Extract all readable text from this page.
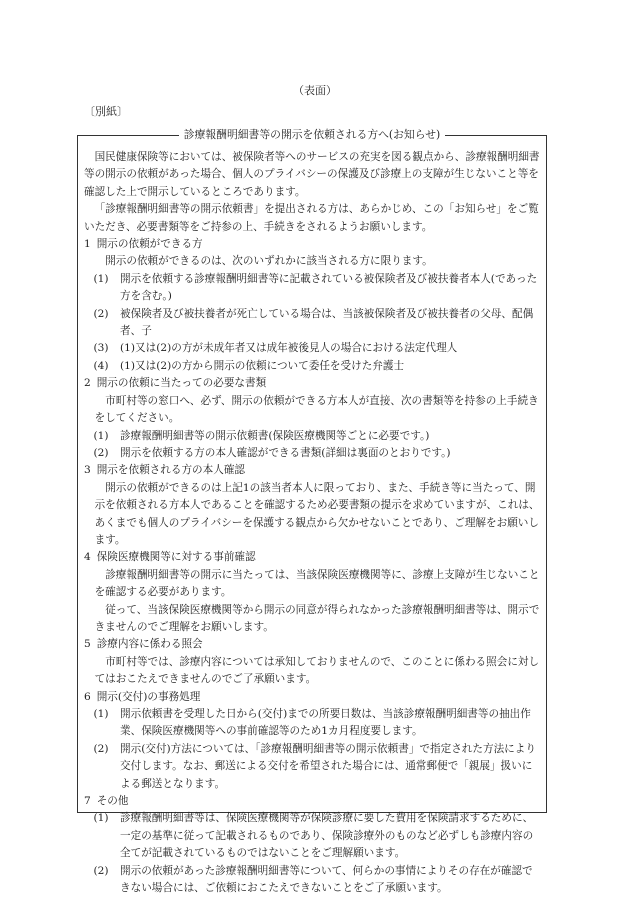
（表面）
〔別紙〕
診療報酬明細書等の開示を依頼される方へ(お知らせ)

国民健康保険等においては、被保険者等へのサービスの充実を図る観点から、診療報酬明細書等の開示の依頼があった場合、個人のプライバシーの保護及び診療上の支障が生じないこと等を確認した上で開示しているところであります。

「診療報酬明細書等の開示依頼書」を提出される方は、あらかじめ、この「お知らせ」をご覧いただき、必要書類等をご持参の上、手続きをされるようお願いします。

1 開示の依頼ができる方

開示の依頼ができるのは、次のいずれかに該当される方に限ります。

(1) 開示を依頼する診療報酬明細書等に記載されている被保険者及び被扶養者本人(であった方を含む。)

(2) 被保険者及び被扶養者が死亡している場合は、当該被保険者及び被扶養者の父母、配偶者、子

(3) (1)又は(2)の方が未成年者又は成年被後見人の場合における法定代理人

(4) (1)又は(2)の方から開示の依頼について委任を受けた弁護士

2 開示の依頼に当たっての必要な書類

市町村等の窓口へ、必ず、開示の依頼ができる方本人が直接、次の書類等を持参の上手続きをしてください。

(1) 診療報酬明細書等の開示依頼書(保険医療機関等ごとに必要です。)

(2) 開示を依頼する方の本人確認ができる書類(詳細は裏面のとおりです。)

3 開示を依頼される方の本人確認

開示の依頼ができるのは上記1の該当者本人に限っており、また、手続き等に当たって、開示を依頼される方本人であることを確認するため必要書類の提示を求めていますが、これは、あくまでも個人のプライバシーを保護する観点から欠かせないことであり、ご理解をお願いします。

4 保険医療機関等に対する事前確認

診療報酬明細書等の開示に当たっては、当該保険医療機関等に、診療上支障が生じないことを確認する必要があります。

従って、当該保険医療機関等から開示の同意が得られなかった診療報酬明細書等は、開示できませんのでご理解をお願いします。

5 診療内容に係わる照会

市町村等では、診療内容については承知しておりませんので、このことに係わる照会に対してはおこたえできませんのでご了承願います。

6 開示(交付)の事務処理

(1) 開示依頼書を受理した日から(交付)までの所要日数は、当該診療報酬明細書等の抽出作業、保険医療機関等への事前確認等のため1カ月程度要します。

(2) 開示(交付)方法については、「診療報酬明細書等の開示依頼書」で指定された方法により交付します。なお、郵送による交付を希望された場合には、通常郵便で「親展」扱いによる郵送となります。

7 その他

(1) 診療報酬明細書等は、保険医療機関等が保険診療に要した費用を保険請求するために、一定の基準に従って記載されるものであり、保険診療外のものなど必ずしも診療内容の全てが記載されているものではないことをご理解願います。

(2) 開示の依頼があった診療報酬明細書等について、何らかの事情によりその存在が確認できない場合には、ご依頼におこたえできないことをご了承願います。
